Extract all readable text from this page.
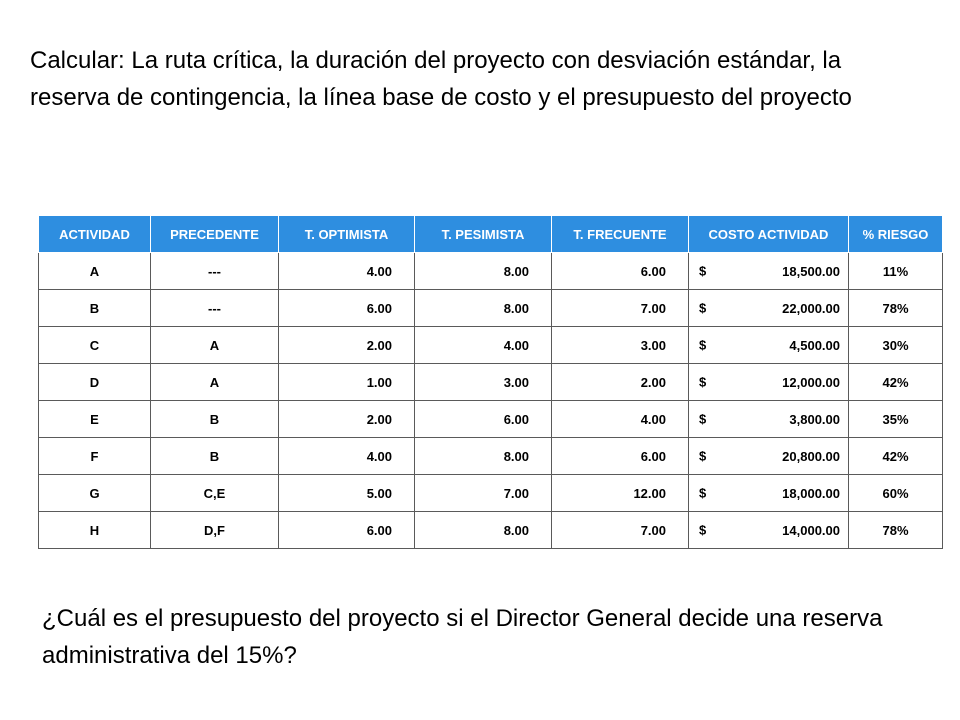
Calcular: La ruta crítica, la duración del proyecto con desviación estándar, la reserva de contingencia, la línea base de costo y el presupuesto del proyecto

ACTIVIDAD	PRECEDENTE	T. OPTIMISTA	T. PESIMISTA	T. FRECUENTE	COSTO ACTIVIDAD	% RIESGO
A	---	4.00	8.00	6.00	$ 18,500.00	11%
B	---	6.00	8.00	7.00	$ 22,000.00	78%
C	A	2.00	4.00	3.00	$ 4,500.00	30%
D	A	1.00	3.00	2.00	$ 12,000.00	42%
E	B	2.00	6.00	4.00	$ 3,800.00	35%
F	B	4.00	8.00	6.00	$ 20,800.00	42%
G	C,E	5.00	7.00	12.00	$ 18,000.00	60%
H	D,F	6.00	8.00	7.00	$ 14,000.00	78%

¿Cuál es el presupuesto del proyecto si el Director General decide una reserva administrativa del 15%?
